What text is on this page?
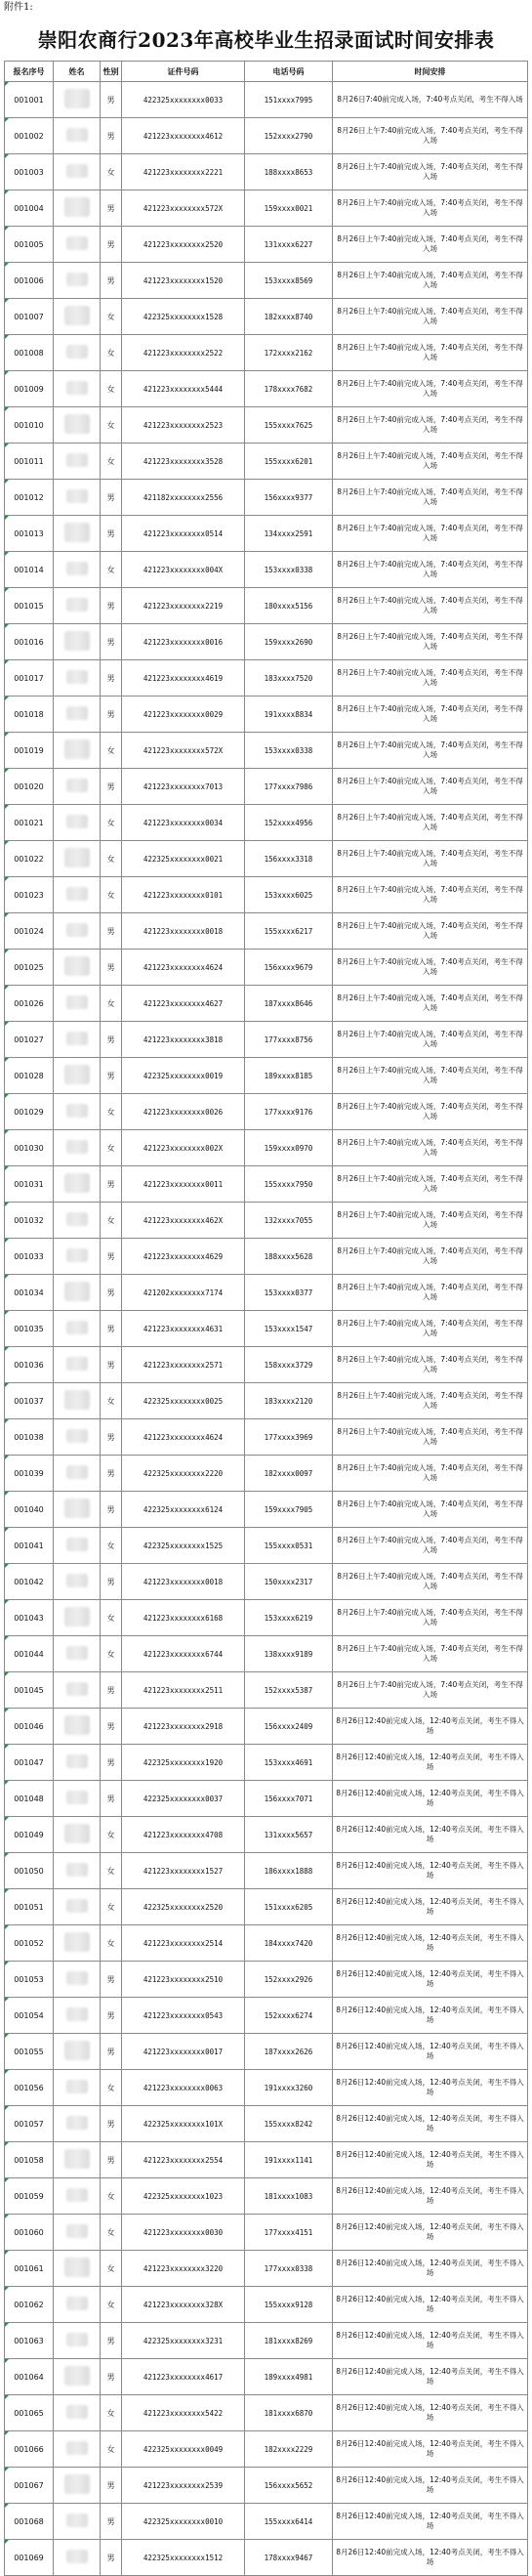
附件1:
崇阳农商行2023年高校毕业生招录面试时间安排表
报名序号	姓名	性别	证件号码	电话号码	时间安排
001001		男	422325xxxxxxxx0033	151xxxx7995	8月26日7:40前完成入场，7:40考点关闭，考生不得入场
001002		男	421223xxxxxxxx4612	152xxxx2790	8月26日上午7:40前完成入场，7:40考点关闭，考生不得入场
001003		女	421223xxxxxxxx2221	188xxxx8653	8月26日上午7:40前完成入场，7:40考点关闭，考生不得入场
001004		男	421223xxxxxxxx572X	159xxxx0021	8月26日上午7:40前完成入场，7:40考点关闭，考生不得入场
001005		男	421223xxxxxxxx2520	131xxxx6227	8月26日上午7:40前完成入场，7:40考点关闭，考生不得入场
001006		男	421223xxxxxxxx1520	153xxxx8569	8月26日上午7:40前完成入场，7:40考点关闭，考生不得入场
001007		女	422325xxxxxxxx1528	182xxxx8740	8月26日上午7:40前完成入场，7:40考点关闭，考生不得入场
001008		女	421223xxxxxxxx2522	172xxxx2162	8月26日上午7:40前完成入场，7:40考点关闭，考生不得入场
001009		女	421223xxxxxxxx5444	178xxxx7682	8月26日上午7:40前完成入场，7:40考点关闭，考生不得入场
001010		女	421223xxxxxxxx2523	155xxxx7625	8月26日上午7:40前完成入场，7:40考点关闭，考生不得入场
001011		女	421223xxxxxxxx3528	155xxxx6201	8月26日上午7:40前完成入场，7:40考点关闭，考生不得入场
001012		男	421182xxxxxxxx2556	156xxxx9377	8月26日上午7:40前完成入场，7:40考点关闭，考生不得入场
001013		男	421223xxxxxxxx0514	134xxxx2591	8月26日上午7:40前完成入场，7:40考点关闭，考生不得入场
001014		女	421223xxxxxxxx004X	153xxxx0338	8月26日上午7:40前完成入场，7:40考点关闭，考生不得入场
001015		男	421223xxxxxxxx2219	180xxxx5156	8月26日上午7:40前完成入场，7:40考点关闭，考生不得入场
001016		男	421223xxxxxxxx0016	159xxxx2690	8月26日上午7:40前完成入场，7:40考点关闭，考生不得入场
001017		男	421223xxxxxxxx4619	183xxxx7520	8月26日上午7:40前完成入场，7:40考点关闭，考生不得入场
001018		男	421223xxxxxxxx0029	191xxxx8834	8月26日上午7:40前完成入场，7:40考点关闭，考生不得入场
001019		女	421223xxxxxxxx572X	153xxxx0338	8月26日上午7:40前完成入场，7:40考点关闭，考生不得入场
001020		男	421223xxxxxxxx7013	177xxxx7986	8月26日上午7:40前完成入场，7:40考点关闭，考生不得入场
001021		女	421223xxxxxxxx0034	152xxxx4956	8月26日上午7:40前完成入场，7:40考点关闭，考生不得入场
001022		女	422325xxxxxxxx0021	156xxxx3318	8月26日上午7:40前完成入场，7:40考点关闭，考生不得入场
001023		女	421223xxxxxxxx0101	153xxxx6025	8月26日上午7:40前完成入场，7:40考点关闭，考生不得入场
001024		男	421223xxxxxxxx0018	155xxxx6217	8月26日上午7:40前完成入场，7:40考点关闭，考生不得入场
001025		男	421223xxxxxxxx4624	156xxxx9679	8月26日上午7:40前完成入场，7:40考点关闭，考生不得入场
001026		女	421223xxxxxxxx4627	187xxxx8646	8月26日上午7:40前完成入场，7:40考点关闭，考生不得入场
001027		男	421223xxxxxxxx3818	177xxxx8756	8月26日上午7:40前完成入场，7:40考点关闭，考生不得入场
001028		男	422325xxxxxxxx0019	189xxxx8185	8月26日上午7:40前完成入场，7:40考点关闭，考生不得入场
001029		女	421223xxxxxxxx0026	177xxxx9176	8月26日上午7:40前完成入场，7:40考点关闭，考生不得入场
001030		女	421223xxxxxxxx002X	159xxxx0970	8月26日上午7:40前完成入场，7:40考点关闭，考生不得入场
001031		男	421223xxxxxxxx0011	155xxxx7950	8月26日上午7:40前完成入场，7:40考点关闭，考生不得入场
001032		女	421223xxxxxxxx462X	132xxxx7055	8月26日上午7:40前完成入场，7:40考点关闭，考生不得入场
001033		男	421223xxxxxxxx4629	188xxxx5628	8月26日上午7:40前完成入场，7:40考点关闭，考生不得入场
001034		男	421202xxxxxxxx7174	153xxxx0377	8月26日上午7:40前完成入场，7:40考点关闭，考生不得入场
001035		男	421223xxxxxxxx4631	153xxxx1547	8月26日上午7:40前完成入场，7:40考点关闭，考生不得入场
001036		男	421223xxxxxxxx2571	158xxxx3729	8月26日上午7:40前完成入场，7:40考点关闭，考生不得入场
001037		女	422325xxxxxxxx0025	183xxxx2120	8月26日上午7:40前完成入场，7:40考点关闭，考生不得入场
001038		男	421223xxxxxxxx4624	177xxxx3969	8月26日上午7:40前完成入场，7:40考点关闭，考生不得入场
001039		男	422325xxxxxxxx2220	182xxxx0097	8月26日上午7:40前完成入场，7:40考点关闭，考生不得入场
001040		男	422325xxxxxxxx6124	159xxxx7905	8月26日上午7:40前完成入场，7:40考点关闭，考生不得入场
001041		女	422325xxxxxxxx1525	155xxxx0531	8月26日上午7:40前完成入场，7:40考点关闭，考生不得入场
001042		男	421223xxxxxxxx0018	150xxxx2317	8月26日上午7:40前完成入场，7:40考点关闭，考生不得入场
001043		女	421223xxxxxxxx6168	153xxxx6219	8月26日上午7:40前完成入场，7:40考点关闭，考生不得入场
001044		女	421223xxxxxxxx6744	138xxxx9189	8月26日上午7:40前完成入场，7:40考点关闭，考生不得入场
001045		男	421223xxxxxxxx2511	152xxxx5387	8月26日上午7:40前完成入场，7:40考点关闭，考生不得入场
001046		男	421223xxxxxxxx2918	156xxxx2409	8月26日12:40前完成入场，12:40考点关闭，考生不得入场
001047		男	422325xxxxxxxx1920	153xxxx4691	8月26日12:40前完成入场，12:40考点关闭，考生不得入场
001048		男	422325xxxxxxxx0037	156xxxx7071	8月26日12:40前完成入场，12:40考点关闭，考生不得入场
001049		女	421223xxxxxxxx4708	131xxxx5657	8月26日12:40前完成入场，12:40考点关闭，考生不得入场
001050		女	421223xxxxxxxx1527	186xxxx1888	8月26日12:40前完成入场，12:40考点关闭，考生不得入场
001051		女	422325xxxxxxxx2520	151xxxx6205	8月26日12:40前完成入场，12:40考点关闭，考生不得入场
001052		女	421223xxxxxxxx2514	184xxxx7420	8月26日12:40前完成入场，12:40考点关闭，考生不得入场
001053		男	421223xxxxxxxx2510	152xxxx2926	8月26日12:40前完成入场，12:40考点关闭，考生不得入场
001054		男	421223xxxxxxxx0543	152xxxx6274	8月26日12:40前完成入场，12:40考点关闭，考生不得入场
001055		男	421223xxxxxxxx0017	187xxxx2626	8月26日12:40前完成入场，12:40考点关闭，考生不得入场
001056		女	421223xxxxxxxx0063	191xxxx3260	8月26日12:40前完成入场，12:40考点关闭，考生不得入场
001057		男	422325xxxxxxxx101X	155xxxx8242	8月26日12:40前完成入场，12:40考点关闭，考生不得入场
001058		男	421223xxxxxxxx2554	191xxxx1141	8月26日12:40前完成入场，12:40考点关闭，考生不得入场
001059		女	422325xxxxxxxx1023	181xxxx1083	8月26日12:40前完成入场，12:40考点关闭，考生不得入场
001060		女	421223xxxxxxxx0030	177xxxx4151	8月26日12:40前完成入场，12:40考点关闭，考生不得入场
001061		女	421223xxxxxxxx3220	177xxxx0338	8月26日12:40前完成入场，12:40考点关闭，考生不得入场
001062		女	421223xxxxxxxx328X	155xxxx9128	8月26日12:40前完成入场，12:40考点关闭，考生不得入场
001063		男	422325xxxxxxxx3231	181xxxx8269	8月26日12:40前完成入场，12:40考点关闭，考生不得入场
001064		男	421223xxxxxxxx4617	189xxxx4981	8月26日12:40前完成入场，12:40考点关闭，考生不得入场
001065		女	421223xxxxxxxx5422	181xxxx6870	8月26日12:40前完成入场，12:40考点关闭，考生不得入场
001066		女	422325xxxxxxxx0049	182xxxx2229	8月26日12:40前完成入场，12:40考点关闭，考生不得入场
001067		男	421223xxxxxxxx2539	156xxxx5652	8月26日12:40前完成入场，12:40考点关闭，考生不得入场
001068		男	422325xxxxxxxx0010	155xxxx6414	8月26日12:40前完成入场，12:40考点关闭，考生不得入场
001069		男	422325xxxxxxxx1512	178xxxx9467	8月26日12:40前完成入场，12:40考点关闭，考生不得入场
